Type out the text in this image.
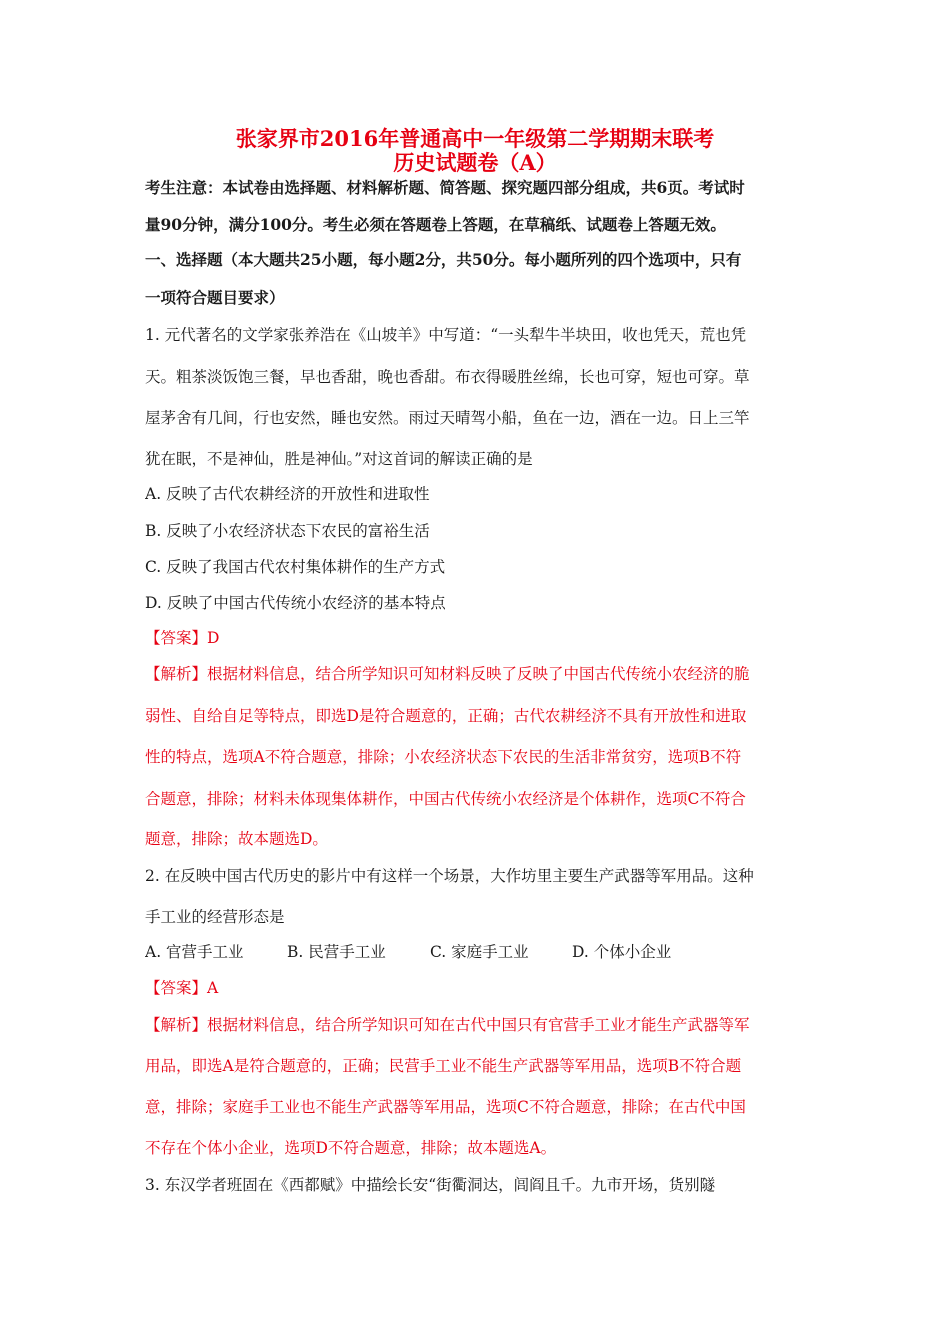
张家界市2016年普通高中一年级第二学期期末联考
历史试题卷（A）
考生注意：本试卷由选择题、材料解析题、简答题、探究题四部分组成，共6页。考试时
量90分钟，满分100分。考生必须在答题卷上答题，在草稿纸、试题卷上答题无效。
一、选择题（本大题共25小题，每小题2分，共50分。每小题所列的四个选项中，只有
一项符合题目要求）
1. 元代著名的文学家张养浩在《山坡羊》中写道：“一头犁牛半块田，收也凭天，荒也凭
天。粗茶淡饭饱三餐，早也香甜，晚也香甜。布衣得暖胜丝绵，长也可穿，短也可穿。草
屋茅舍有几间，行也安然，睡也安然。雨过天晴驾小船，鱼在一边，酒在一边。日上三竿
犹在眠，不是神仙，胜是神仙。”对这首词的解读正确的是
A. 反映了古代农耕经济的开放性和进取性
B. 反映了小农经济状态下农民的富裕生活
C. 反映了我国古代农村集体耕作的生产方式
D. 反映了中国古代传统小农经济的基本特点
【答案】D
【解析】根据材料信息，结合所学知识可知材料反映了反映了中国古代传统小农经济的脆
弱性、自给自足等特点，即选D是符合题意的，正确；古代农耕经济不具有开放性和进取
性的特点，选项A不符合题意，排除；小农经济状态下农民的生活非常贫穷，选项B不符
合题意，排除；材料未体现集体耕作，中国古代传统小农经济是个体耕作，选项C不符合
题意，排除；故本题选D。
2. 在反映中国古代历史的影片中有这样一个场景，大作坊里主要生产武器等军用品。这种
手工业的经营形态是
A. 官营手工业	B. 民营手工业	C. 家庭手工业	D. 个体小企业
【答案】A
【解析】根据材料信息，结合所学知识可知在古代中国只有官营手工业才能生产武器等军
用品，即选A是符合题意的，正确；民营手工业不能生产武器等军用品，选项B不符合题
意，排除；家庭手工业也不能生产武器等军用品，选项C不符合题意，排除；在古代中国
不存在个体小企业，选项D不符合题意，排除；故本题选A。
3. 东汉学者班固在《西都赋》中描绘长安“街衢洞达，闾阎且千。九市开场，货别隧
